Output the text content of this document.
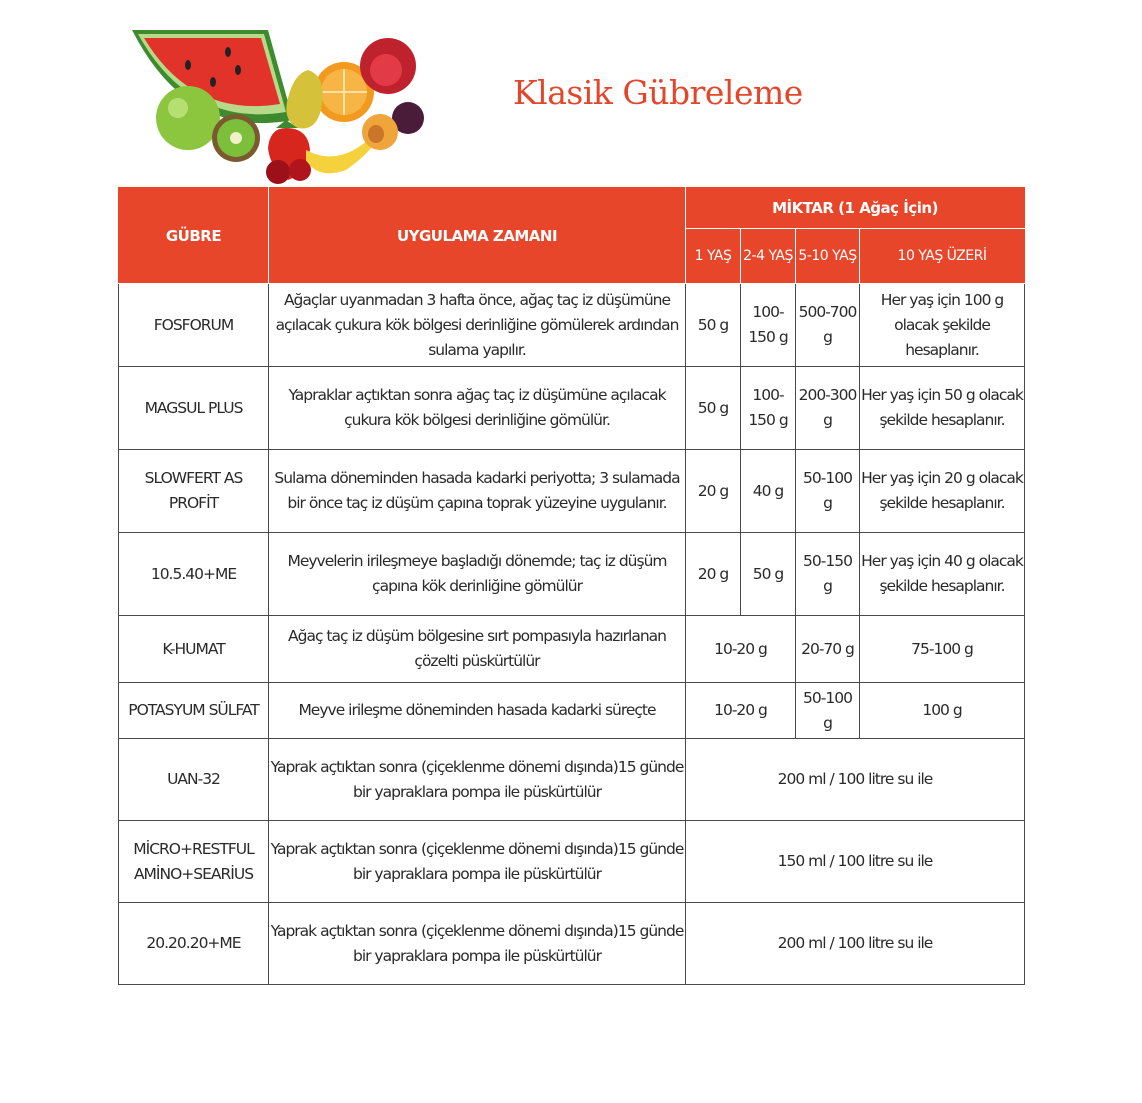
Klasik Gübreleme
GÜBRE	UYGULAMA ZAMANI	MİKTAR (1 Ağaç İçin)			
		1 YAŞ	2-4 YAŞ	5-10 YAŞ	10 YAŞ ÜZERİ
FOSFORUM	Ağaçlar uyanmadan 3 hafta önce, ağaç taç iz düşümüne açılacak çukura kök bölgesi derinliğine gömülerek ardından sulama yapılır.	50 g	100-150 g	500-700 g	Her yaş için 100 g olacak şekilde hesaplanır.
MAGSUL PLUS	Yapraklar açtıktan sonra ağaç taç iz düşümüne açılacak çukura kök bölgesi derinliğine gömülür.	50 g	100-150 g	200-300 g	Her yaş için 50 g olacak şekilde hesaplanır.
SLOWFERT AS PROFİT	Sulama döneminden hasada kadarki periyotta; 3 sulamada bir önce taç iz düşüm çapına toprak yüzeyine uygulanır.	20 g	40 g	50-100 g	Her yaş için 20 g olacak şekilde hesaplanır.
10.5.40+ME	Meyvelerin irileşmeye başladığı dönemde; taç iz düşüm çapına kök derinliğine gömülür	20 g	50 g	50-150 g	Her yaş için 40 g olacak şekilde hesaplanır.
K-HUMAT	Ağaç taç iz düşüm bölgesine sırt pompasıyla hazırlanan çözelti püskürtülür	10-20 g		20-70 g	75-100 g
POTASYUM SÜLFAT	Meyve irileşme döneminden hasada kadarki süreçte	10-20 g		50-100 g	100 g
UAN-32	Yaprak açtıktan sonra (çiçeklenme dönemi dışında)15 günde bir yapraklara pompa ile püskürtülür	200 ml / 100 litre su ile			
MİCRO+RESTFUL AMİNO+SEARİUS	Yaprak açtıktan sonra (çiçeklenme dönemi dışında)15 günde bir yapraklara pompa ile püskürtülür	150 ml / 100 litre su ile			
20.20.20+ME	Yaprak açtıktan sonra (çiçeklenme dönemi dışında)15 günde bir yapraklara pompa ile püskürtülür	200 ml / 100 litre su ile			
